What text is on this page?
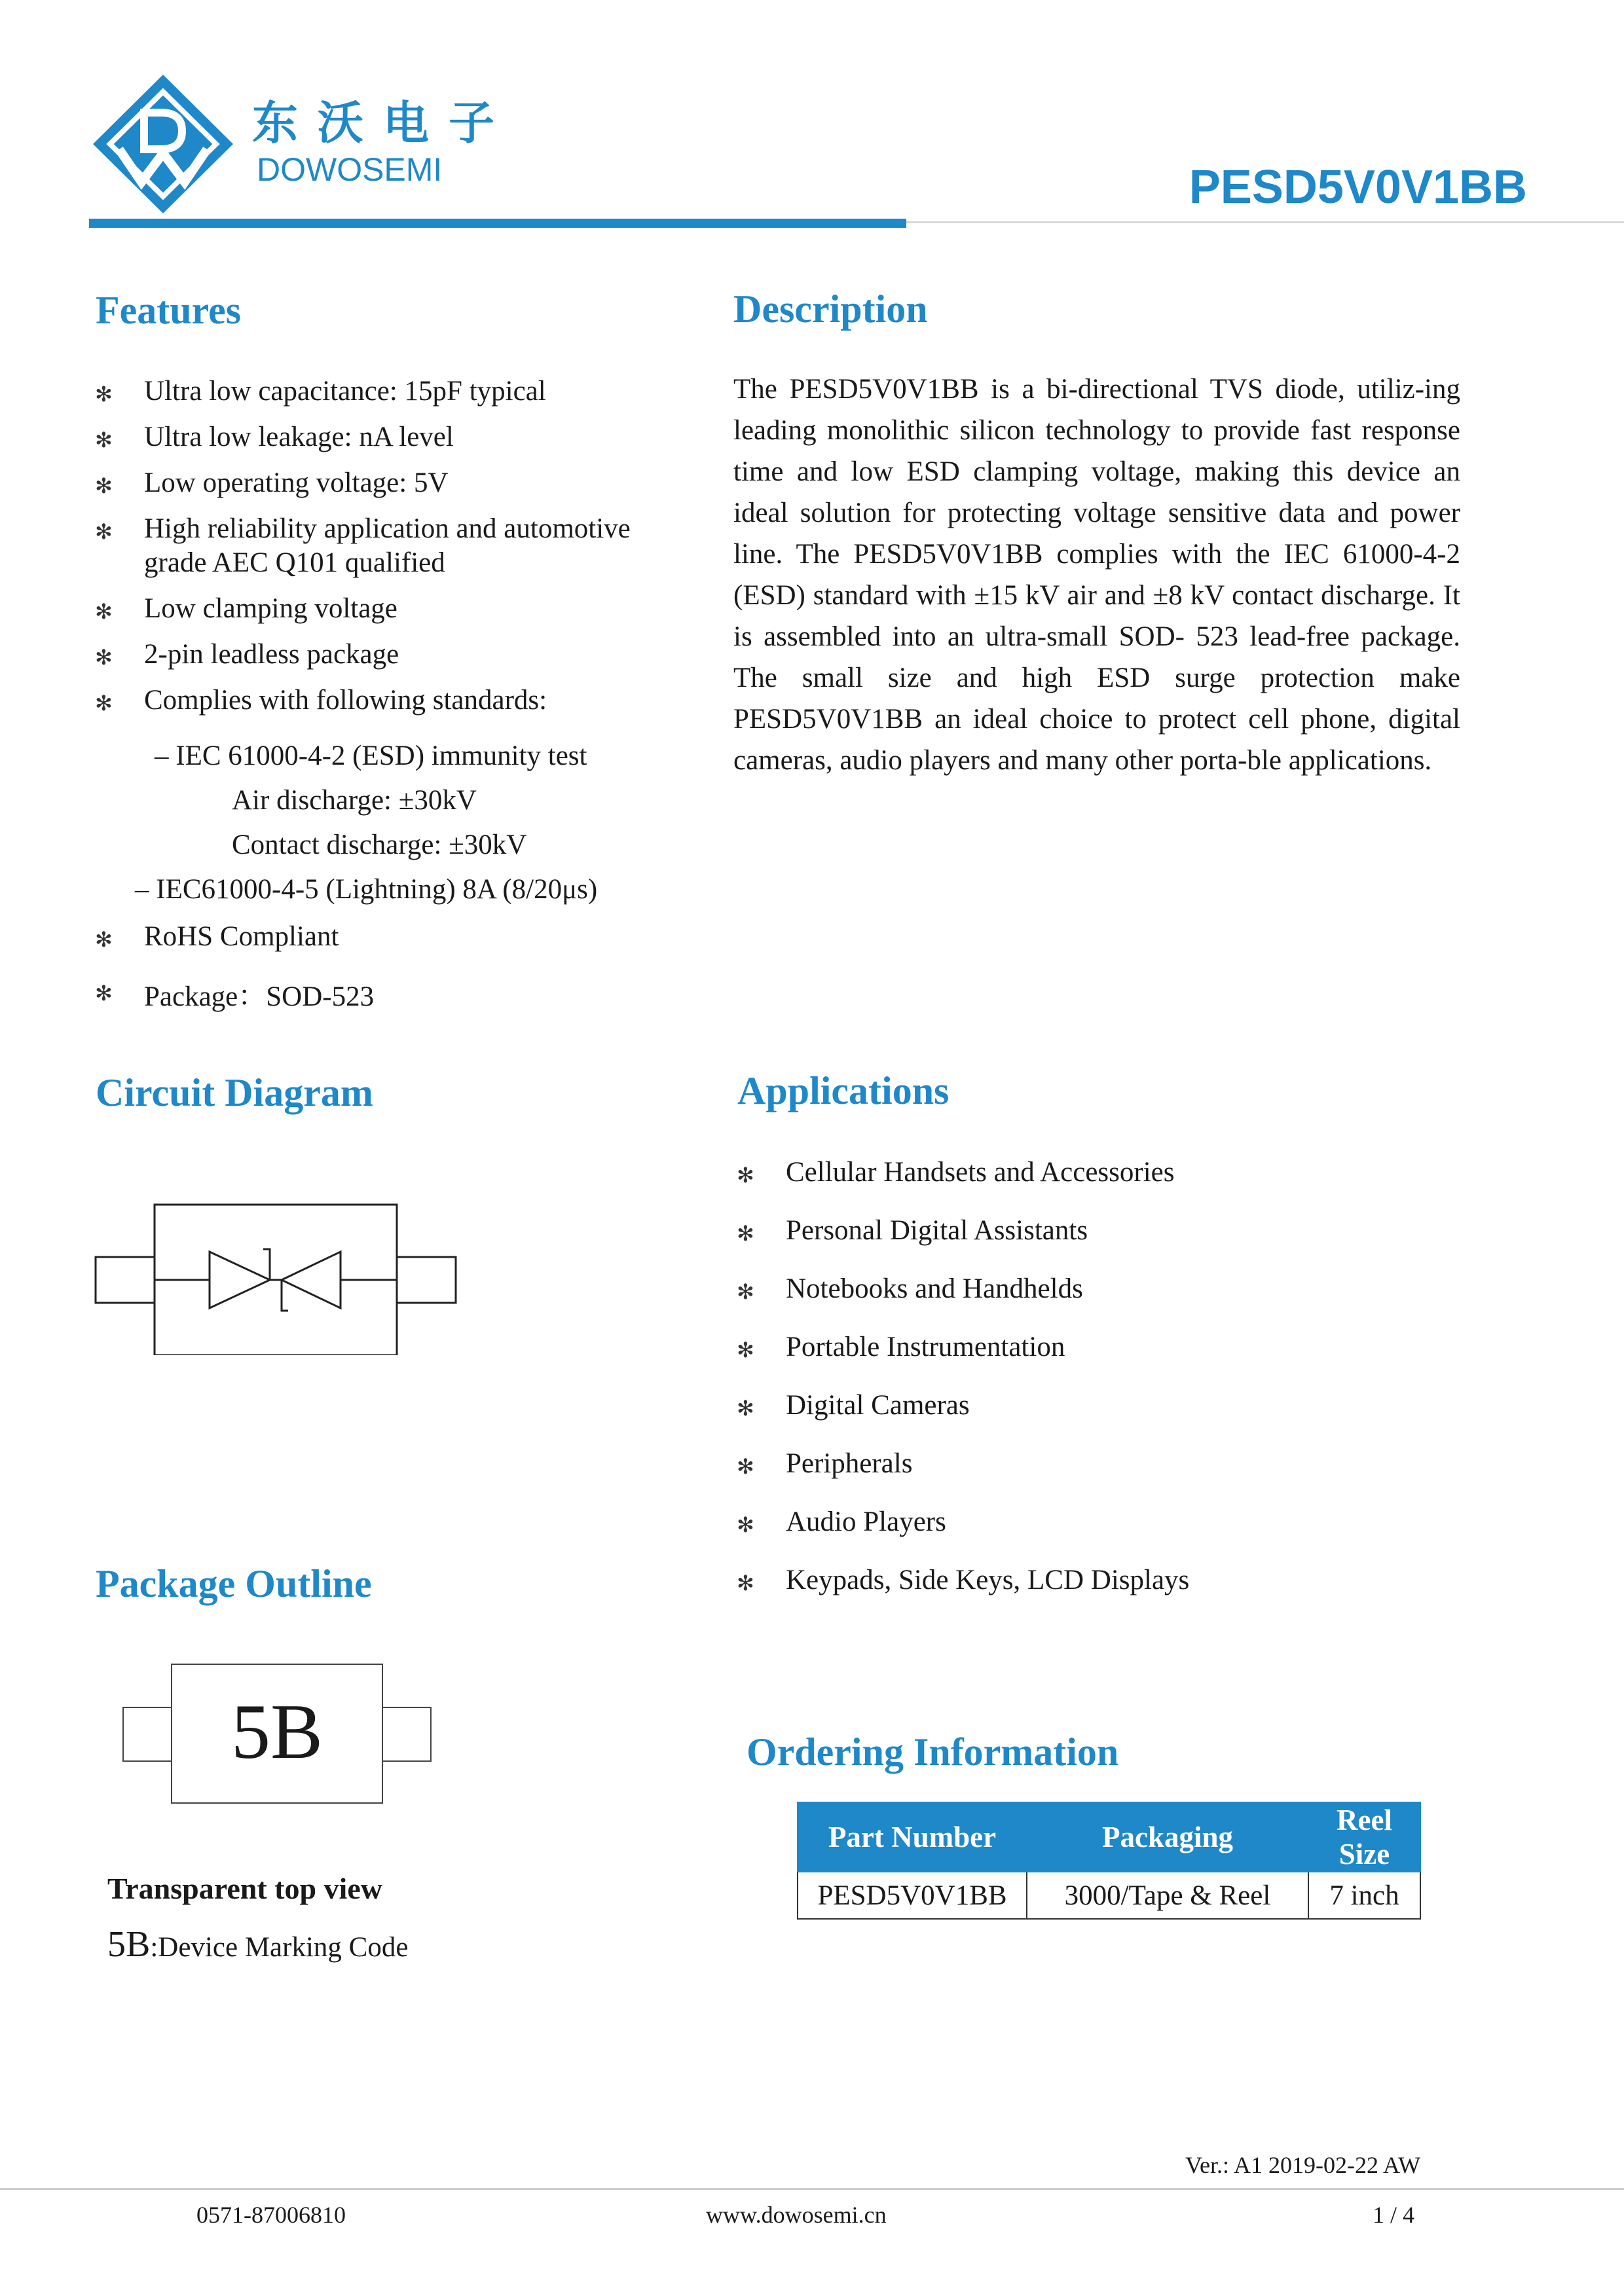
东沃电子
DOWOSEMI	PESD5V0V1BB
Features
✻ Ultra low capacitance: 15pF typical
✻ Ultra low leakage: nA level
✻ Low operating voltage: 5V
✻ High reliability application and automotive grade AEC Q101 qualified
✻ Low clamping voltage
✻ 2-pin leadless package
✻ Complies with following standards:
– IEC 61000-4-2 (ESD) immunity test
Air discharge: ±30kV
Contact discharge: ±30kV
– IEC61000-4-5 (Lightning) 8A (8/20μs)
✻ RoHS Compliant
✻ Package：SOD-523
Description

The PESD5V0V1BB is a bi-directional TVS diode, utiliz-ing leading monolithic silicon technology to provide fast response time and low ESD clamping voltage, making this device an ideal solution for protecting voltage sensitive data and power line. The PESD5V0V1BB complies with the IEC 61000-4-2 (ESD) standard with ±15 kV air and ±8 kV contact discharge. It is assembled into an ultra-small SOD- 523 lead-free package. The small size and high ESD surge protection make PESD5V0V1BB an ideal choice to protect cell phone, digital cameras, audio players and many other porta-ble applications.

Circuit Diagram	Applications
✻ Cellular Handsets and Accessories
✻ Personal Digital Assistants
✻ Notebooks and Handhelds
✻ Portable Instrumentation
✻ Digital Cameras
✻ Peripherals
✻ Audio Players
✻ Keypads, Side Keys, LCD Displays
Package Outline
5B
Transparent top view
5B:Device Marking Code
Ordering Information
Part Number	Packaging	Reel Size
PESD5V0V1BB	3000/Tape & Reel	7 inch
Ver.: A1 2019-02-22 AW
0571-87006810	www.dowosemi.cn	1 / 4
